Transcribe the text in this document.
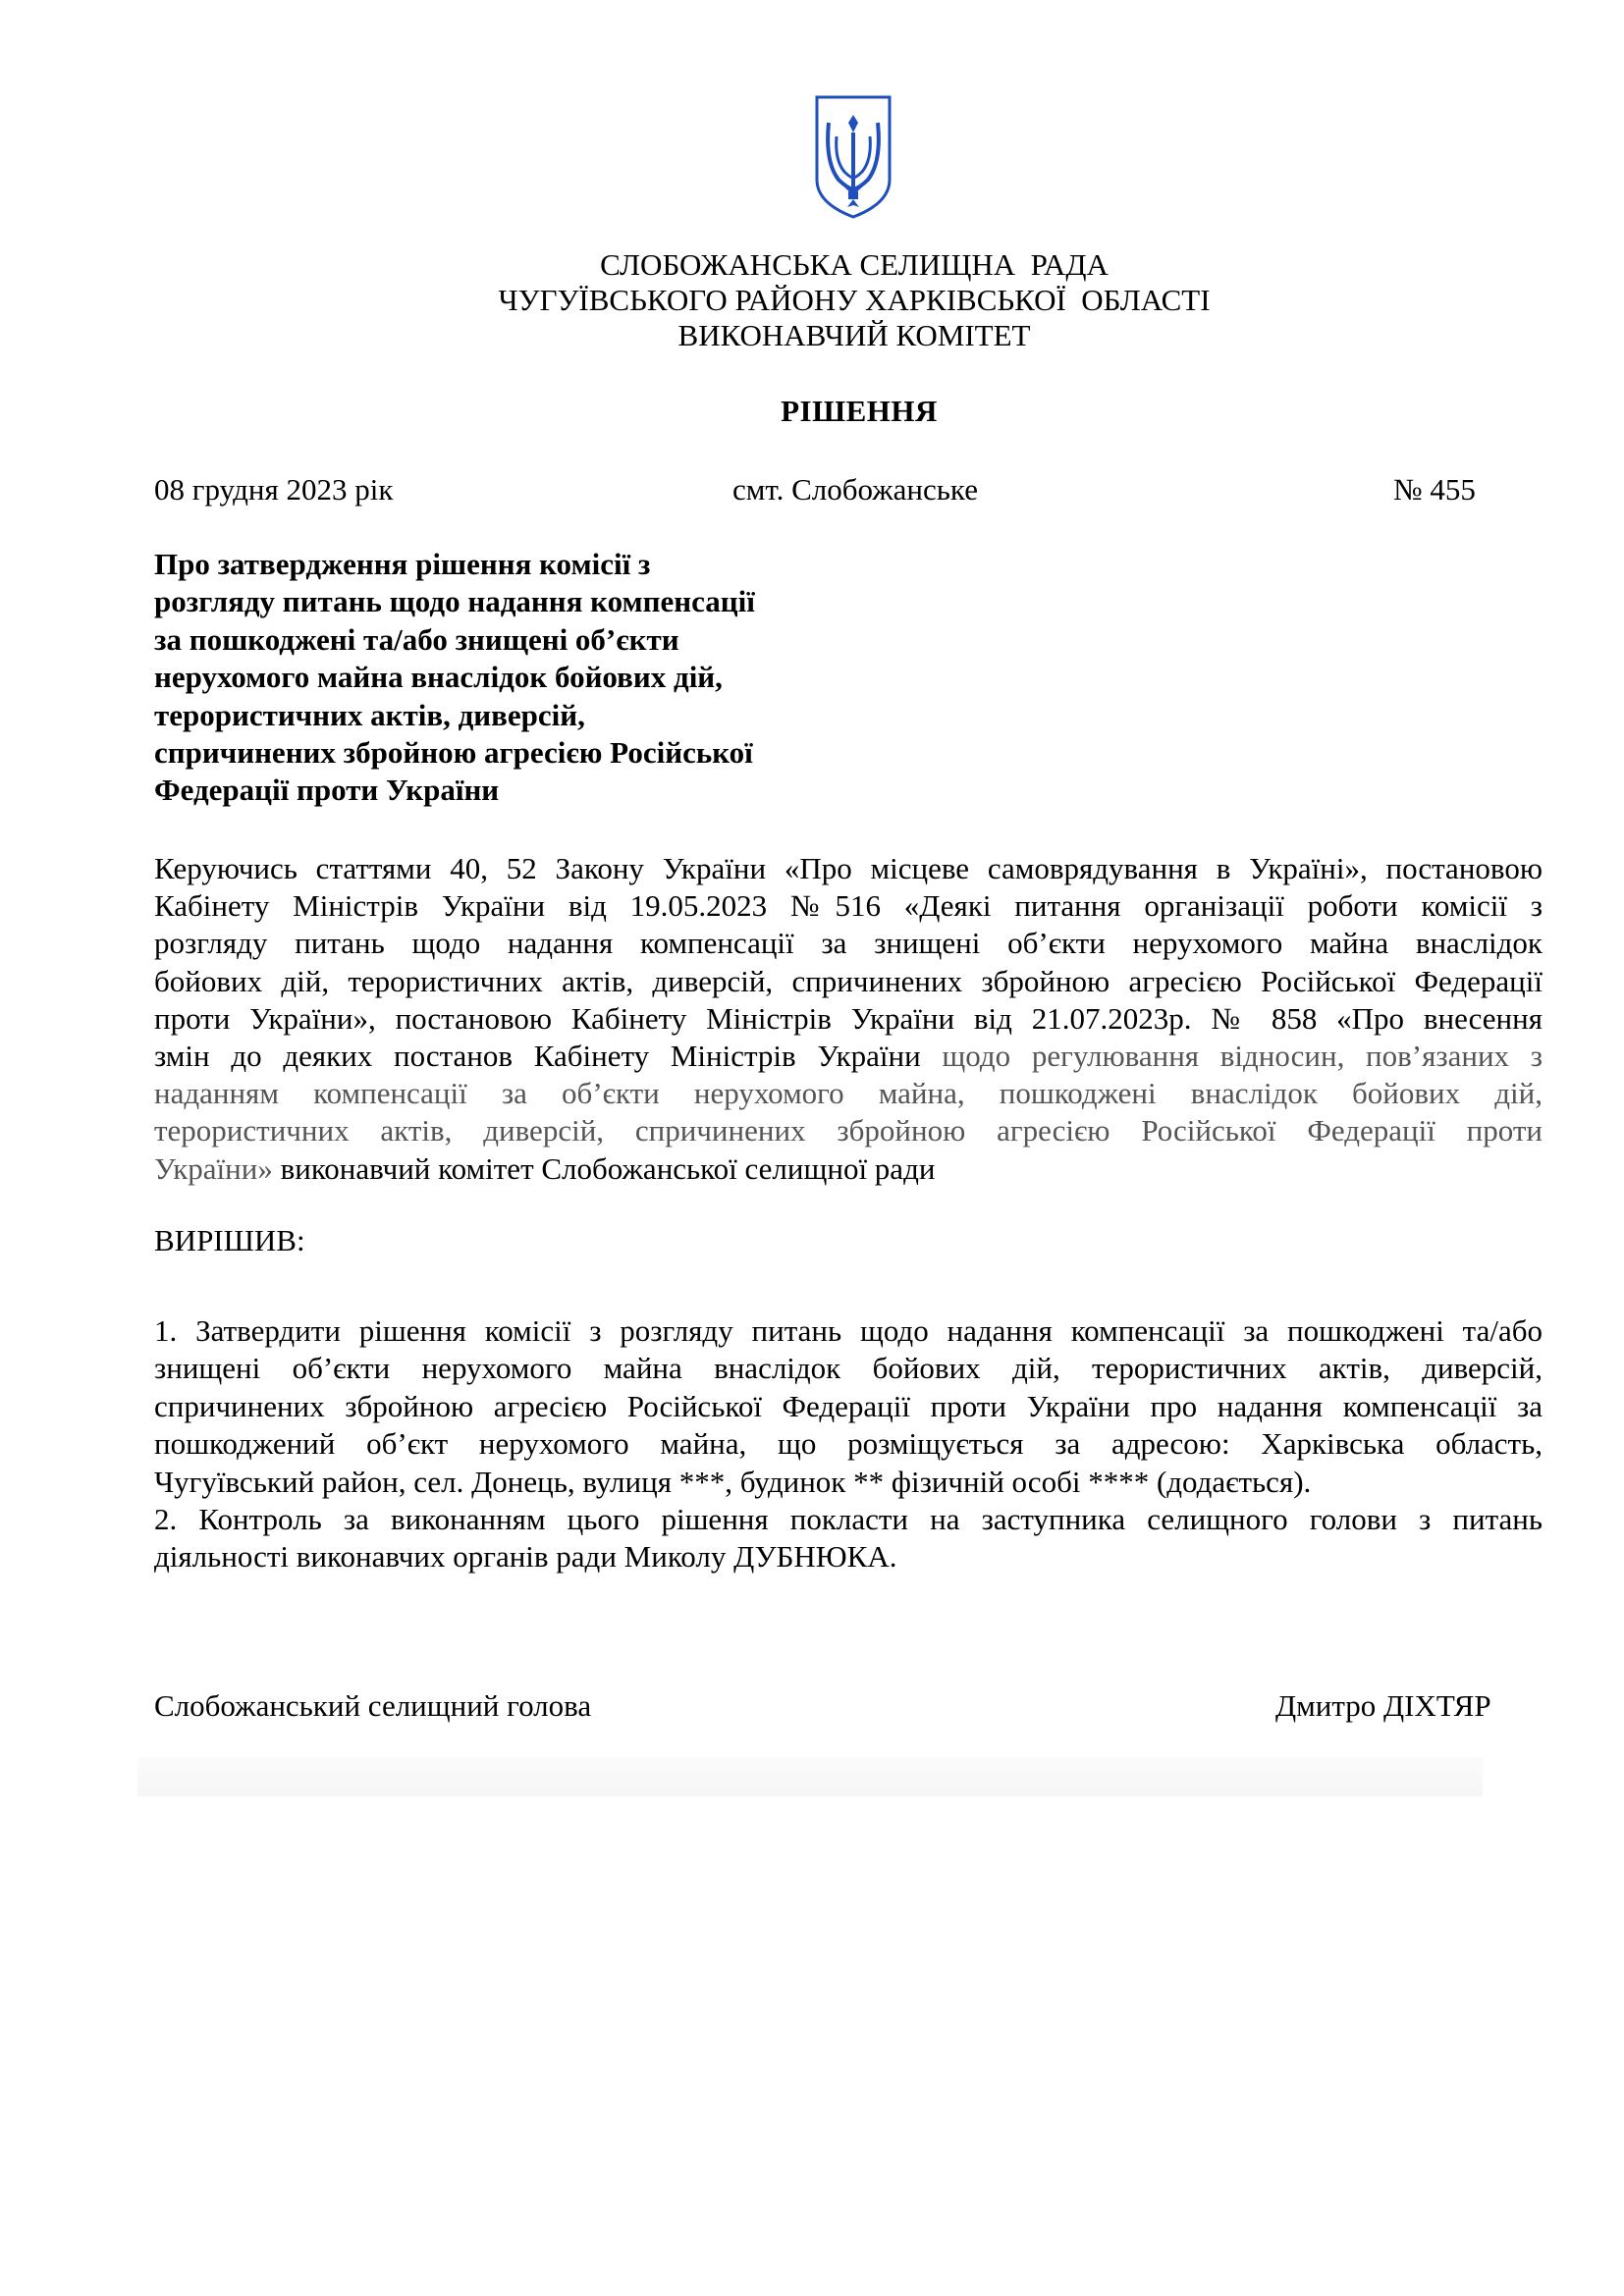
СЛОБОЖАНСЬКА СЕЛИЩНА  РАДА
ЧУГУЇВСЬКОГО РАЙОНУ ХАРКІВСЬКОЇ  ОБЛАСТІ
ВИКОНАВЧИЙ КОМІТЕТ
РІШЕННЯ
08 грудня 2023 рік	смт. Слобожанське	№ 455
Про затвердження рішення комісії з
розгляду питань щодо надання компенсації
за пошкоджені та/або знищені об’єкти
нерухомого майна внаслідок бойових дій,
терористичних актів, диверсій,
спричинених збройною агресією Російської
Федерації проти України
Керуючись статтями 40, 52 Закону України «Про місцеве самоврядування в Україні», постановою
Кабінету Міністрів України від 19.05.2023 №516 «Деякі питання організації роботи комісії з
розгляду питань щодо надання компенсації за знищені об’єкти нерухомого майна внаслідок
бойових дій, терористичних актів, диверсій, спричинених збройною агресією Російської Федерації
проти України», постановою Кабінету Міністрів України від 21.07.2023р. № 858 «Про внесення
змін до деяких постанов Кабінету Міністрів України щодо регулювання відносин, пов’язаних з
наданням компенсації за об’єкти нерухомого майна, пошкоджені внаслідок бойових дій,
терористичних актів, диверсій, спричинених збройною агресією Російської Федерації проти
України» виконавчий комітет Слобожанської селищної ради
ВИРІШИВ:
1. Затвердити рішення комісії з розгляду питань щодо надання компенсації за пошкоджені та/або
знищені об’єкти нерухомого майна внаслідок бойових дій, терористичних актів, диверсій,
спричинених збройною агресією Російської Федерації проти України про надання компенсації за
пошкоджений об’єкт нерухомого майна, що розміщується за адресою: Харківська область,
Чугуївський район, сел. Донець, вулиця ***, будинок ** фізичній особі **** (додається).
2. Контроль за виконанням цього рішення покласти на заступника селищного голови з питань
діяльності виконавчих органів ради Миколу ДУБНЮКА.
Слобожанський селищний голова	Дмитро ДІХТЯР
